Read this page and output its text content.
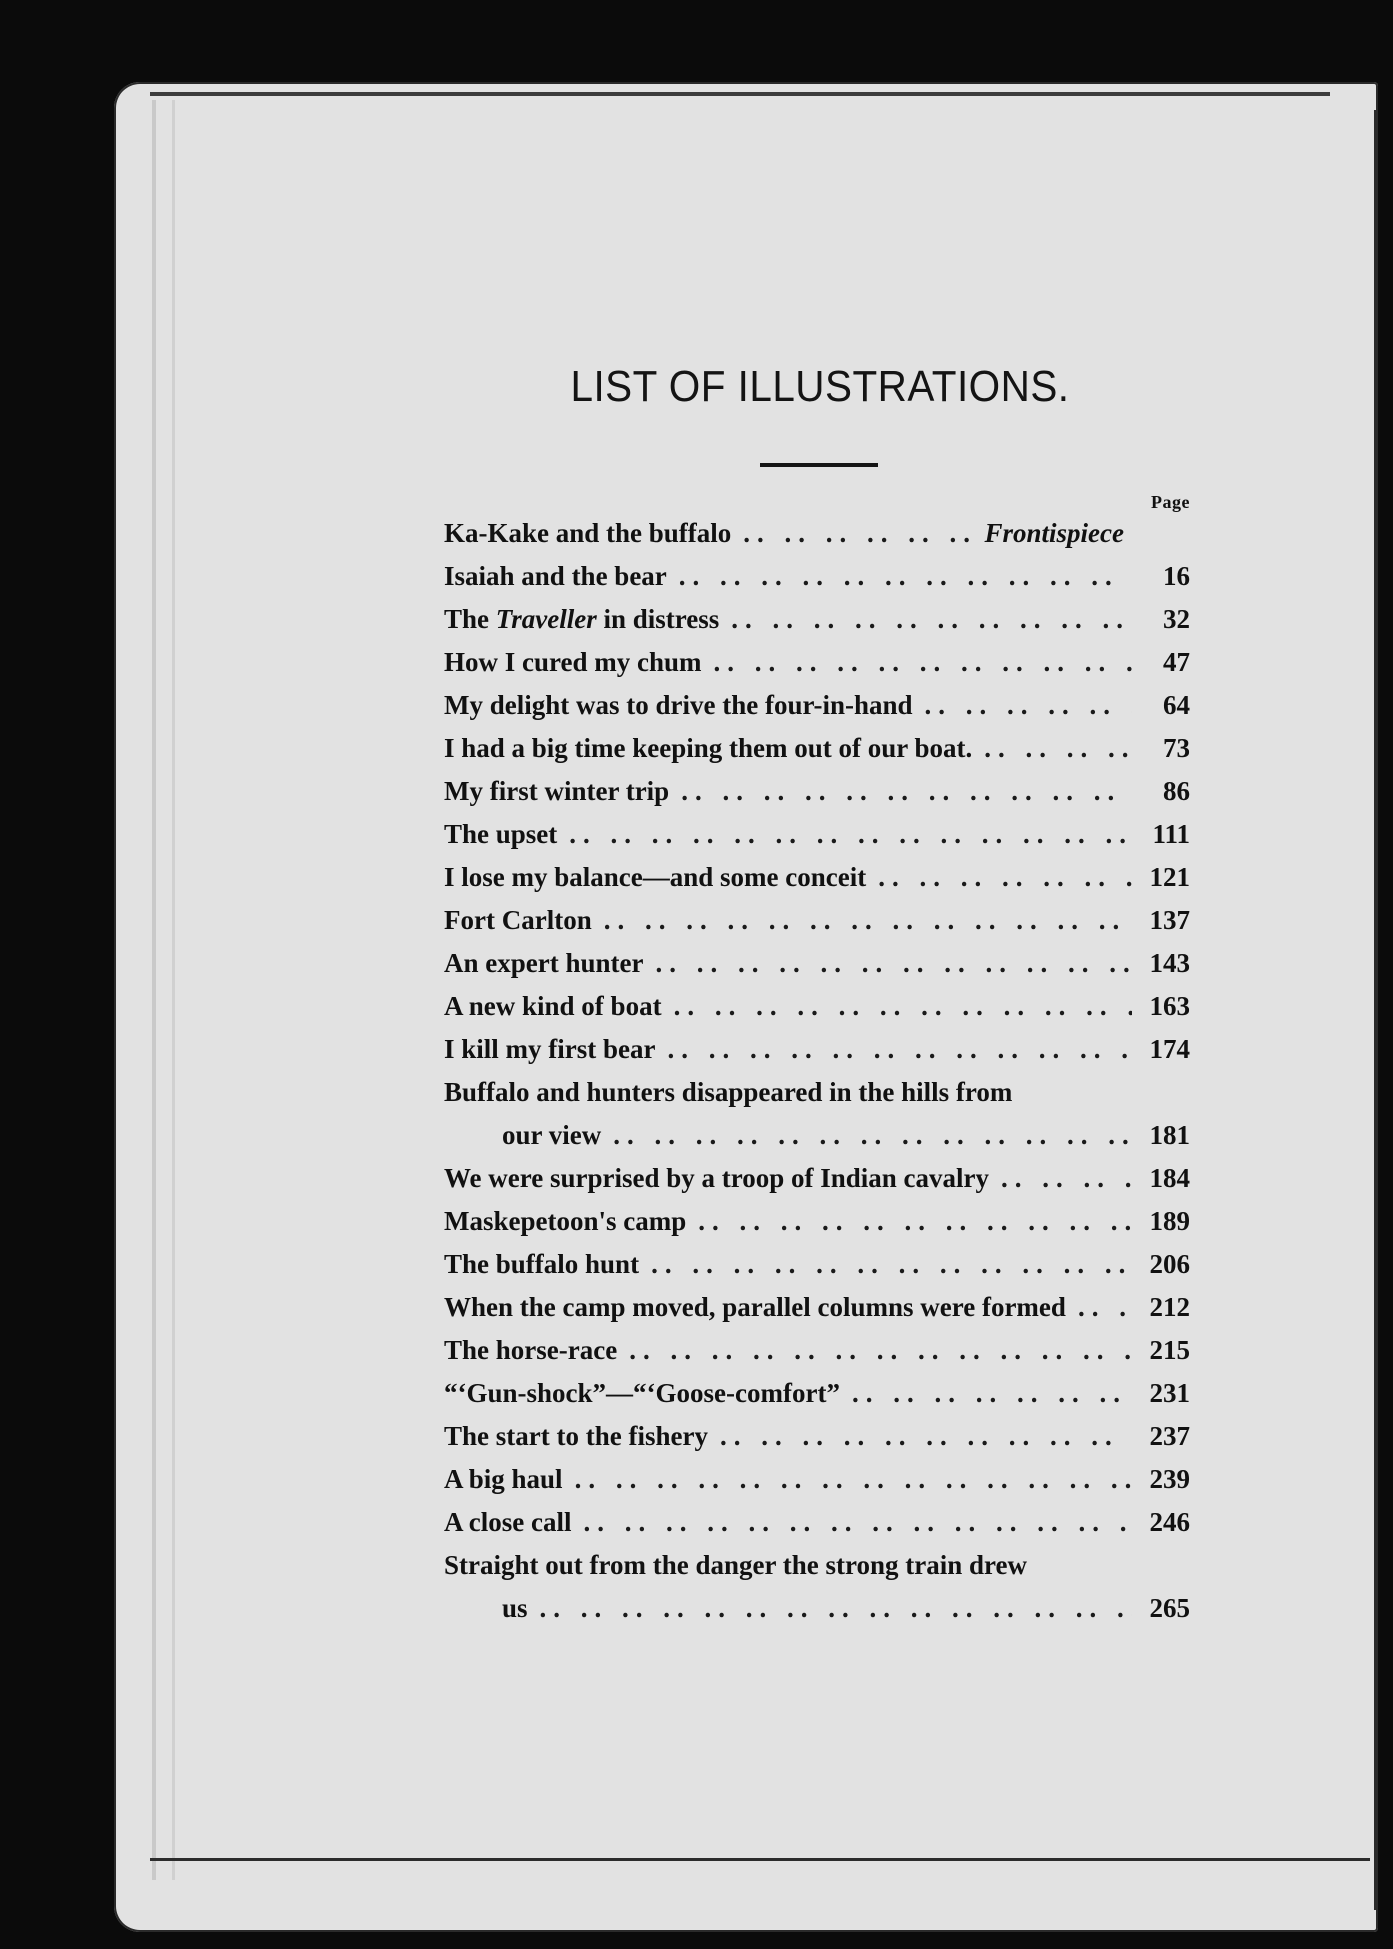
LIST OF ILLUSTRATIONS.
Page
Ka-Kake and the buffalo .. ..	Frontispiece
Isaiah and the bear .. ..	16
The Traveller in distress .. ..	32
How I cured my chum .. ..	47
My delight was to drive the four-in-hand .. ..	64
I had a big time keeping them out of our boat. .. ..	73
My first winter trip .. ..	86
The upset .. ..	111
I lose my balance—and some conceit .. ..	121
Fort Carlton .. ..	137
An expert hunter .. ..	143
A new kind of boat .. ..	163
I kill my first bear .. ..	174
Buffalo and hunters disappeared in the hills from
our view .. ..	181
We were surprised by a troop of Indian cavalry .. ..	184
Maskepetoon's camp .. ..	189
The buffalo hunt .. ..	206
When the camp moved, parallel columns were formed .. ..	212
The horse-race .. ..	215
“‘Gun-shock”—“‘Goose-comfort” .. ..	231
The start to the fishery .. ..	237
A big haul .. ..	239
A close call .. ..	246
Straight out from the danger the strong train drew
us .. ..	265
